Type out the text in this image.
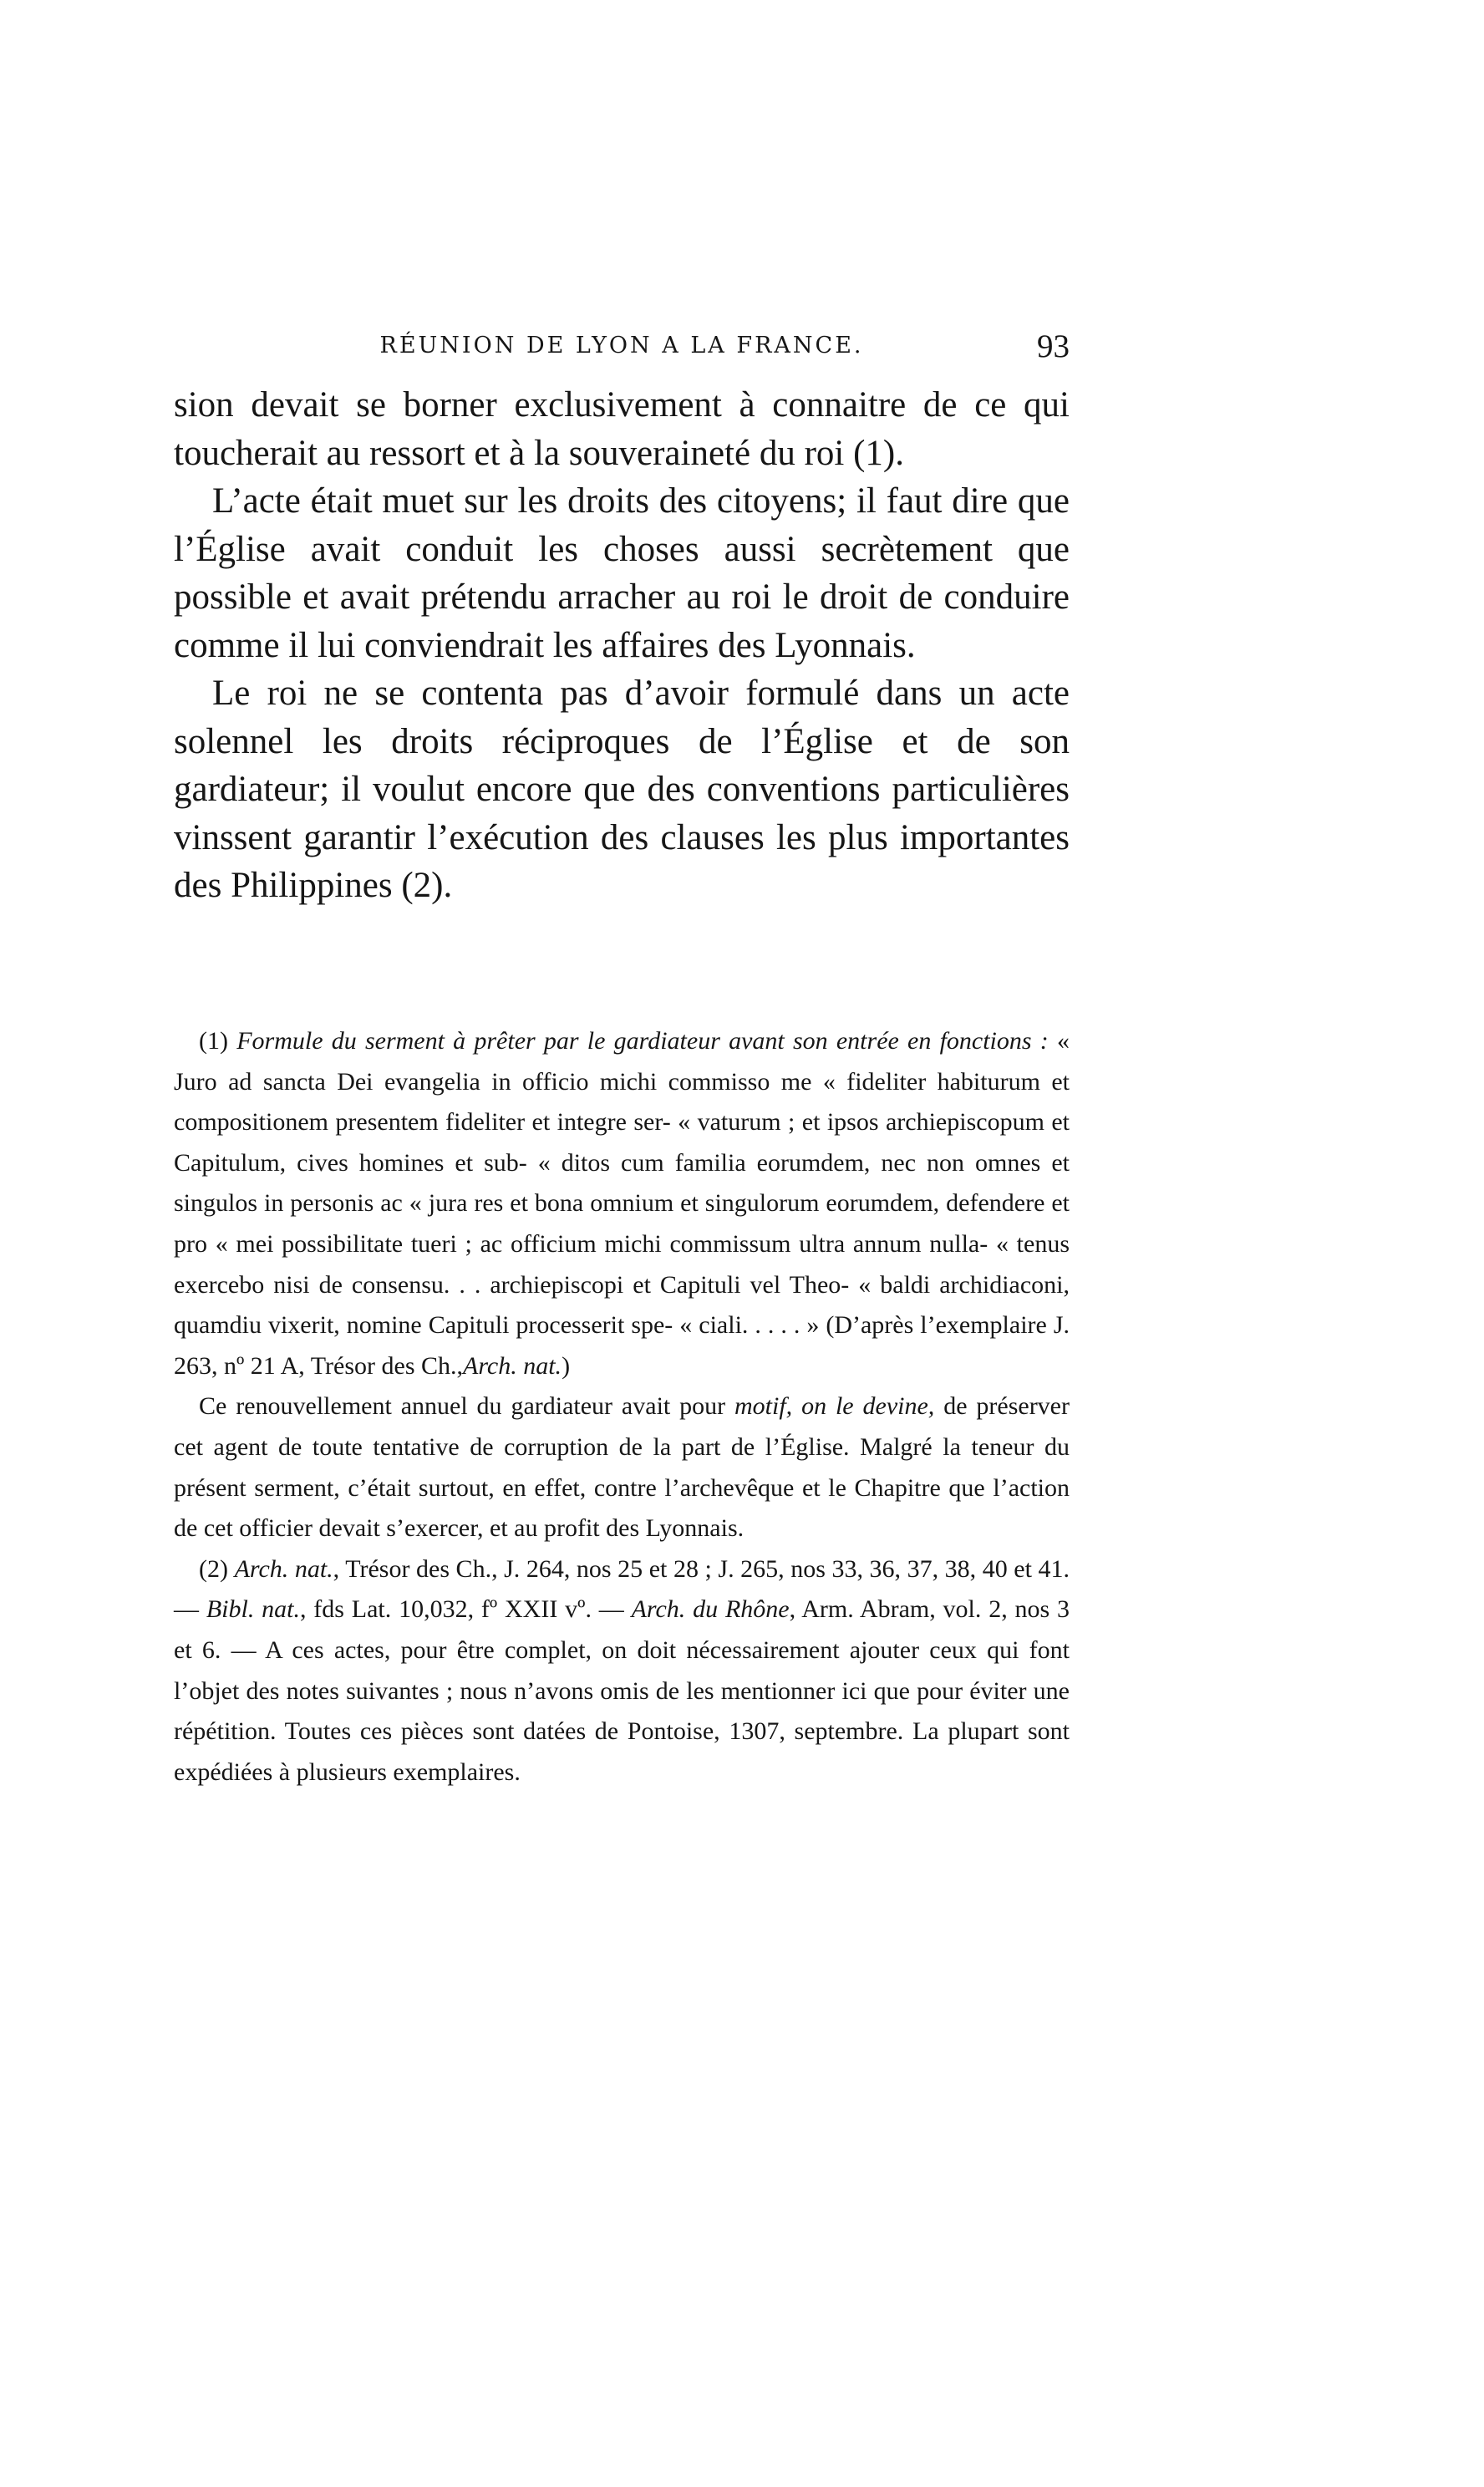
RÉUNION DE LYON A LA FRANCE.	93

sion devait se borner exclusivement à connaitre de ce qui toucherait au ressort et à la souveraineté du roi (1).

L’acte était muet sur les droits des citoyens; il faut dire que l’Église avait conduit les choses aussi secrètement que possible et avait prétendu arracher au roi le droit de conduire comme il lui conviendrait les affaires des Lyonnais.

Le roi ne se contenta pas d’avoir formulé dans un acte solennel les droits réciproques de l’Église et de son gardiateur; il voulut encore que des conventions particulières vinssent garantir l’exécution des clauses les plus importantes des Philippines (2).

(1) Formule du serment à prêter par le gardiateur avant son entrée en fonctions : « Juro ad sancta Dei evangelia in officio michi commisso me « fideliter habiturum et compositionem presentem fideliter et integre ser- « vaturum ; et ipsos archiepiscopum et Capitulum, cives homines et sub- « ditos cum familia eorumdem, nec non omnes et singulos in personis ac « jura res et bona omnium et singulorum eorumdem, defendere et pro « mei possibilitate tueri ; ac officium michi commissum ultra annum nulla- « tenus exercebo nisi de consensu. . . archiepiscopi et Capituli vel Theo- « baldi archidiaconi, quamdiu vixerit, nomine Capituli processerit spe- « ciali. . . . . » (D’après l’exemplaire J. 263, nº 21 A, Trésor des Ch.,Arch. nat.)

Ce renouvellement annuel du gardiateur avait pour motif, on le devine, de préserver cet agent de toute tentative de corruption de la part de l’Église. Malgré la teneur du présent serment, c’était surtout, en effet, contre l’archevêque et le Chapitre que l’action de cet officier devait s’exercer, et au profit des Lyonnais.

(2) Arch. nat., Trésor des Ch., J. 264, nos 25 et 28 ; J. 265, nos 33, 36, 37, 38, 40 et 41. — Bibl. nat., fds Lat. 10,032, fº XXII vº. — Arch. du Rhône, Arm. Abram, vol. 2, nos 3 et 6. — A ces actes, pour être complet, on doit nécessairement ajouter ceux qui font l’objet des notes suivantes ; nous n’avons omis de les mentionner ici que pour éviter une répétition. Toutes ces pièces sont datées de Pontoise, 1307, septembre. La plupart sont expédiées à plusieurs exemplaires.
